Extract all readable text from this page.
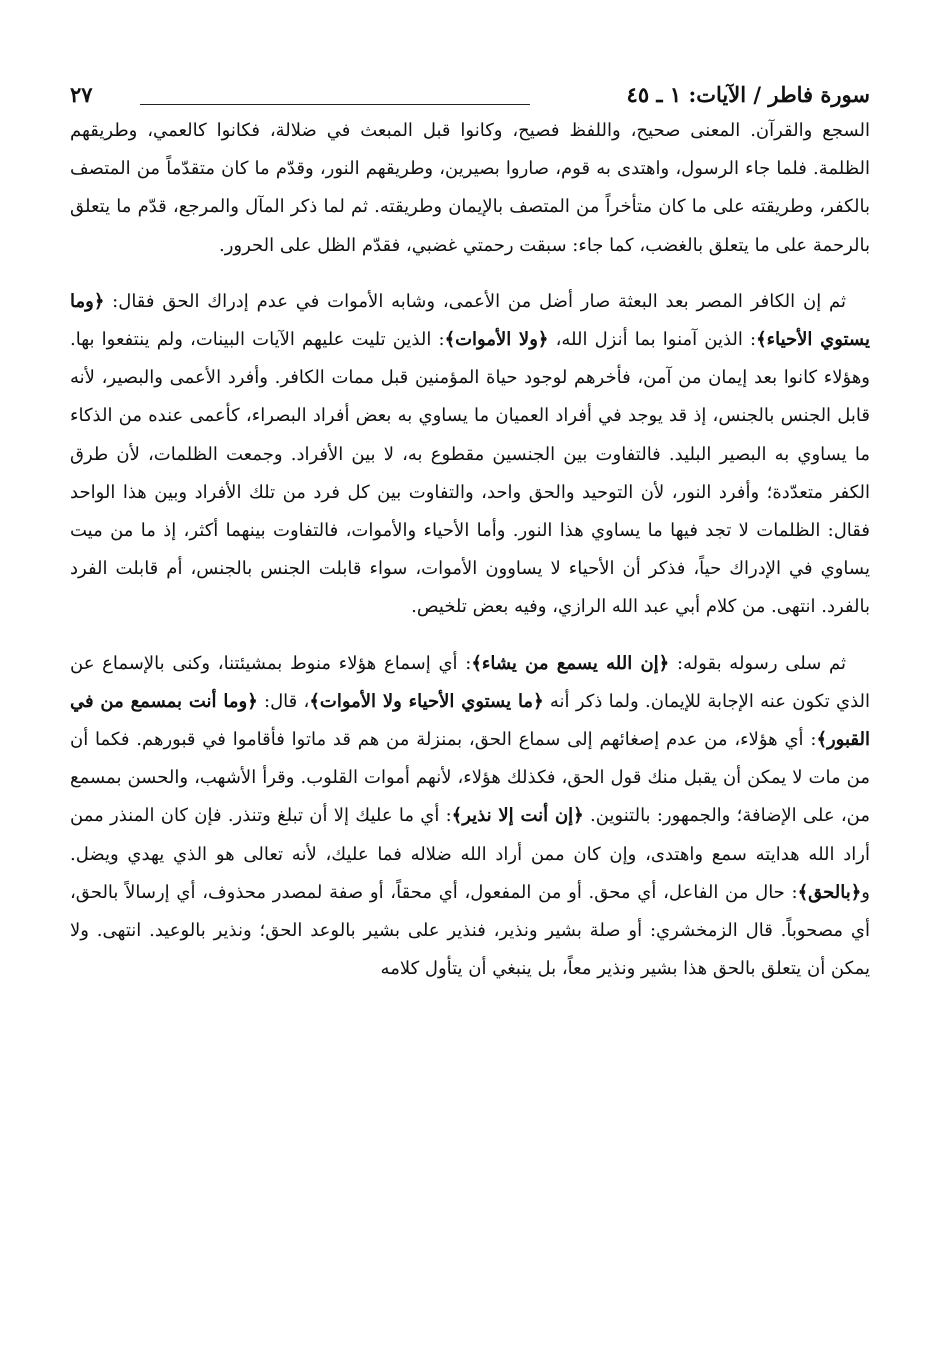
سورة فاطر / الآيات: ١ ـ ٤٥
٢٧

السجع والقرآن. المعنى صحيح، واللفظ فصيح، وكانوا قبل المبعث في ضلالة، فكانوا كالعمي، وطريقهم الظلمة. فلما جاء الرسول، واهتدى به قوم، صاروا بصيرين، وطريقهم النور، وقدّم ما كان متقدّماً من المتصف بالكفر، وطريقته على ما كان متأخراً من المتصف بالإيمان وطريقته. ثم لما ذكر المآل والمرجع، قدّم ما يتعلق بالرحمة على ما يتعلق بالغضب، كما جاء: سبقت رحمتي غضبي، فقدّم الظل على الحرور.

ثم إن الكافر المصر بعد البعثة صار أضل من الأعمى، وشابه الأموات في عدم إدراك الحق فقال: ﴿وما يستوي الأحياء﴾: الذين آمنوا بما أنزل الله، ﴿ولا الأموات﴾: الذين تليت عليهم الآيات البينات، ولم ينتفعوا بها. وهؤلاء كانوا بعد إيمان من آمن، فأخرهم لوجود حياة المؤمنين قبل ممات الكافر. وأفرد الأعمى والبصير، لأنه قابل الجنس بالجنس، إذ قد يوجد في أفراد العميان ما يساوي به بعض أفراد البصراء، كأعمى عنده من الذكاء ما يساوي به البصير البليد. فالتفاوت بين الجنسين مقطوع به، لا بين الأفراد. وجمعت الظلمات، لأن طرق الكفر متعدّدة؛ وأفرد النور، لأن التوحيد والحق واحد، والتفاوت بين كل فرد من تلك الأفراد وبين هذا الواحد فقال: الظلمات لا تجد فيها ما يساوي هذا النور. وأما الأحياء والأموات، فالتفاوت بينهما أكثر، إذ ما من ميت يساوي في الإدراك حياً، فذكر أن الأحياء لا يساوون الأموات، سواء قابلت الجنس بالجنس، أم قابلت الفرد بالفرد. انتهى. من كلام أبي عبد الله الرازي، وفيه بعض تلخيص.

ثم سلى رسوله بقوله: ﴿إن الله يسمع من يشاء﴾: أي إسماع هؤلاء منوط بمشيئتنا، وكنى بالإسماع عن الذي تكون عنه الإجابة للإيمان. ولما ذكر أنه ﴿ما يستوي الأحياء ولا الأموات﴾، قال: ﴿وما أنت بمسمع من في القبور﴾: أي هؤلاء، من عدم إصغائهم إلى سماع الحق، بمنزلة من هم قد ماتوا فأقاموا في قبورهم. فكما أن من مات لا يمكن أن يقبل منك قول الحق، فكذلك هؤلاء، لأنهم أموات القلوب. وقرأ الأشهب، والحسن بمسمع من، على الإضافة؛ والجمهور: بالتنوين. ﴿إن أنت إلا نذير﴾: أي ما عليك إلا أن تبلغ وتنذر. فإن كان المنذر ممن أراد الله هدايته سمع واهتدى، وإن كان ممن أراد الله ضلاله فما عليك، لأنه تعالى هو الذي يهدي ويضل. و﴿بالحق﴾: حال من الفاعل، أي محق. أو من المفعول، أي محقاً، أو صفة لمصدر محذوف، أي إرسالاً بالحق، أي مصحوباً. قال الزمخشري: أو صلة بشير ونذير، فنذير على بشير بالوعد الحق؛ ونذير بالوعيد. انتهى. ولا يمكن أن يتعلق بالحق هذا بشير ونذير معاً، بل ينبغي أن يتأول كلامه
